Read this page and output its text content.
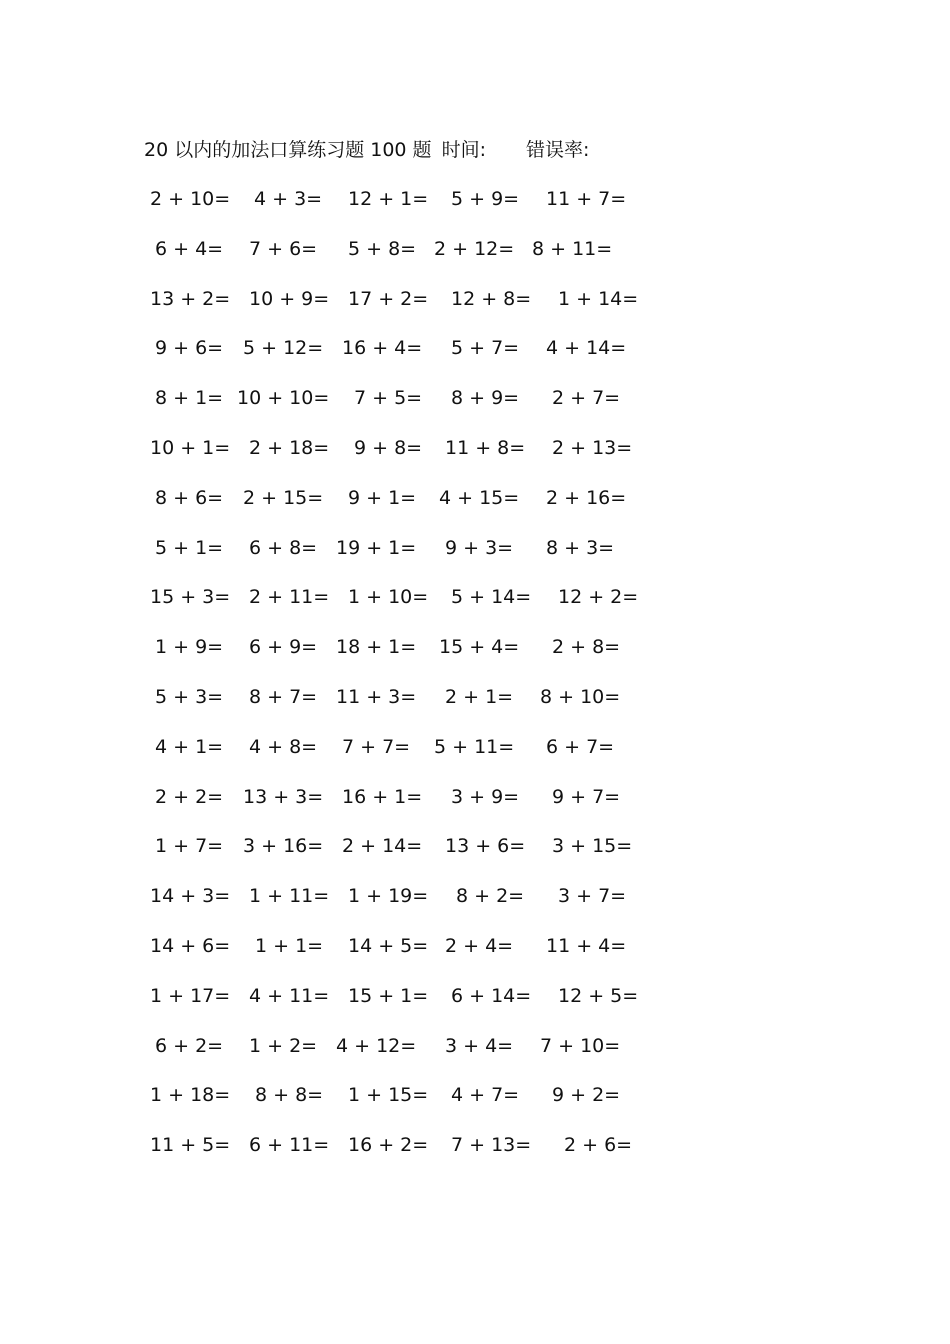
20 以内的加法口算练习题 100 题 时间: 错误率:
2 + 10=	4 + 3=	12 + 1=	5 + 9=	11 + 7=
6 + 4=	7 + 6=	5 + 8= 2 + 12= 8 + 11=
13 + 2= 10 + 9= 17 + 2=	12 + 8=	1 + 14=
9 + 6=	5 + 12= 16 + 4=	5 + 7=	4 + 14=
8 + 1= 10 + 10=	7 + 5=	8 + 9=	2 + 7=
10 + 1= 2 + 18=	9 + 8=	11 + 8=	2 + 13=
8 + 6=	2 + 15=	9 + 1=	4 + 15=	2 + 16=
5 + 1=	6 + 8= 19 + 1=	9 + 3=	8 + 3=
15 + 3= 2 + 11= 1 + 10=	5 + 14=	12 + 2=
1 + 9=	6 + 9= 18 + 1=	15 + 4=	2 + 8=
5 + 3=	8 + 7= 11 + 3=	2 + 1=	8 + 10=
4 + 1=	4 + 8=	7 + 7=	5 + 11=	6 + 7=
2 + 2=	13 + 3= 16 + 1=	3 + 9=	9 + 7=
1 + 7=	3 + 16= 2 + 14=	13 + 6=	3 + 15=
14 + 3= 1 + 11= 1 + 19=	8 + 2=	3 + 7=
14 + 6=	1 + 1=	14 + 5= 2 + 4=	11 + 4=
1 + 17= 4 + 11= 15 + 1=	6 + 14=	12 + 5=
6 + 2=	1 + 2= 4 + 12=	3 + 4=	7 + 10=
1 + 18=	8 + 8=	1 + 15=	4 + 7=	9 + 2=
11 + 5= 6 + 11= 16 + 2=	7 + 13=	2 + 6=
